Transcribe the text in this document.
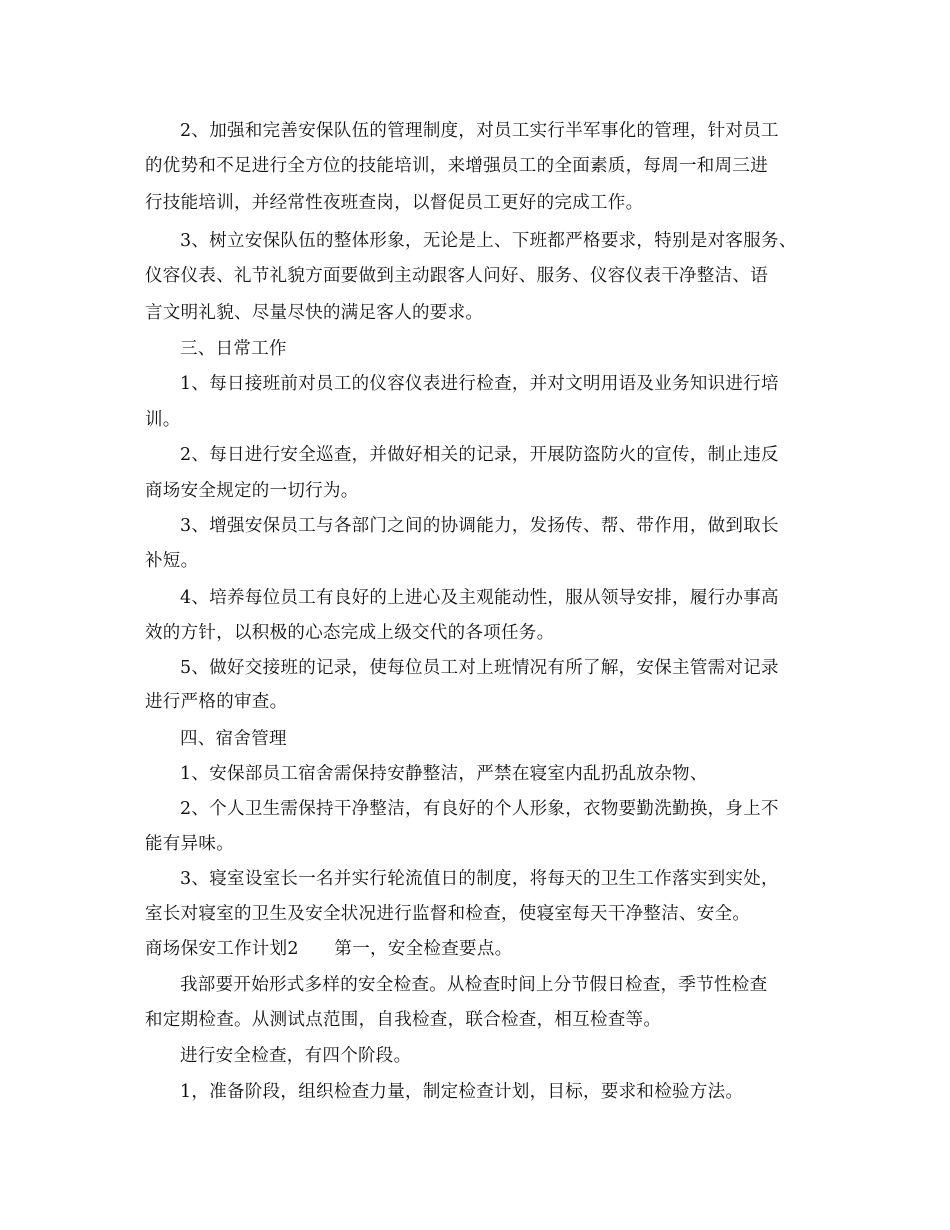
2、加强和完善安保队伍的管理制度，对员工实行半军事化的管理，针对员工
的优势和不足进行全方位的技能培训，来增强员工的全面素质，每周一和周三进
行技能培训，并经常性夜班查岗，以督促员工更好的完成工作。
3、树立安保队伍的整体形象，无论是上、下班都严格要求，特别是对客服务、
仪容仪表、礼节礼貌方面要做到主动跟客人问好、服务、仪容仪表干净整洁、语
言文明礼貌、尽量尽快的满足客人的要求。
三、日常工作
1、每日接班前对员工的仪容仪表进行检查，并对文明用语及业务知识进行培
训。
2、每日进行安全巡查，并做好相关的记录，开展防盗防火的宣传，制止违反
商场安全规定的一切行为。
3、增强安保员工与各部门之间的协调能力，发扬传、帮、带作用，做到取长
补短。
4、培养每位员工有良好的上进心及主观能动性，服从领导安排，履行办事高
效的方针，以积极的心态完成上级交代的各项任务。
5、做好交接班的记录，使每位员工对上班情况有所了解，安保主管需对记录
进行严格的审查。
四、宿舍管理
1、安保部员工宿舍需保持安静整洁，严禁在寝室内乱扔乱放杂物、
2、个人卫生需保持干净整洁，有良好的个人形象，衣物要勤洗勤换，身上不
能有异味。
3、寝室设室长一名并实行轮流值日的制度，将每天的卫生工作落实到实处，
室长对寝室的卫生及安全状况进行监督和检查，使寝室每天干净整洁、安全。
商场保安工作计划2　　第一，安全检查要点。
我部要开始形式多样的安全检查。从检查时间上分节假日检查，季节性检查
和定期检查。从测试点范围，自我检查，联合检查，相互检查等。
进行安全检查，有四个阶段。
1，准备阶段，组织检查力量，制定检查计划，目标，要求和检验方法。
